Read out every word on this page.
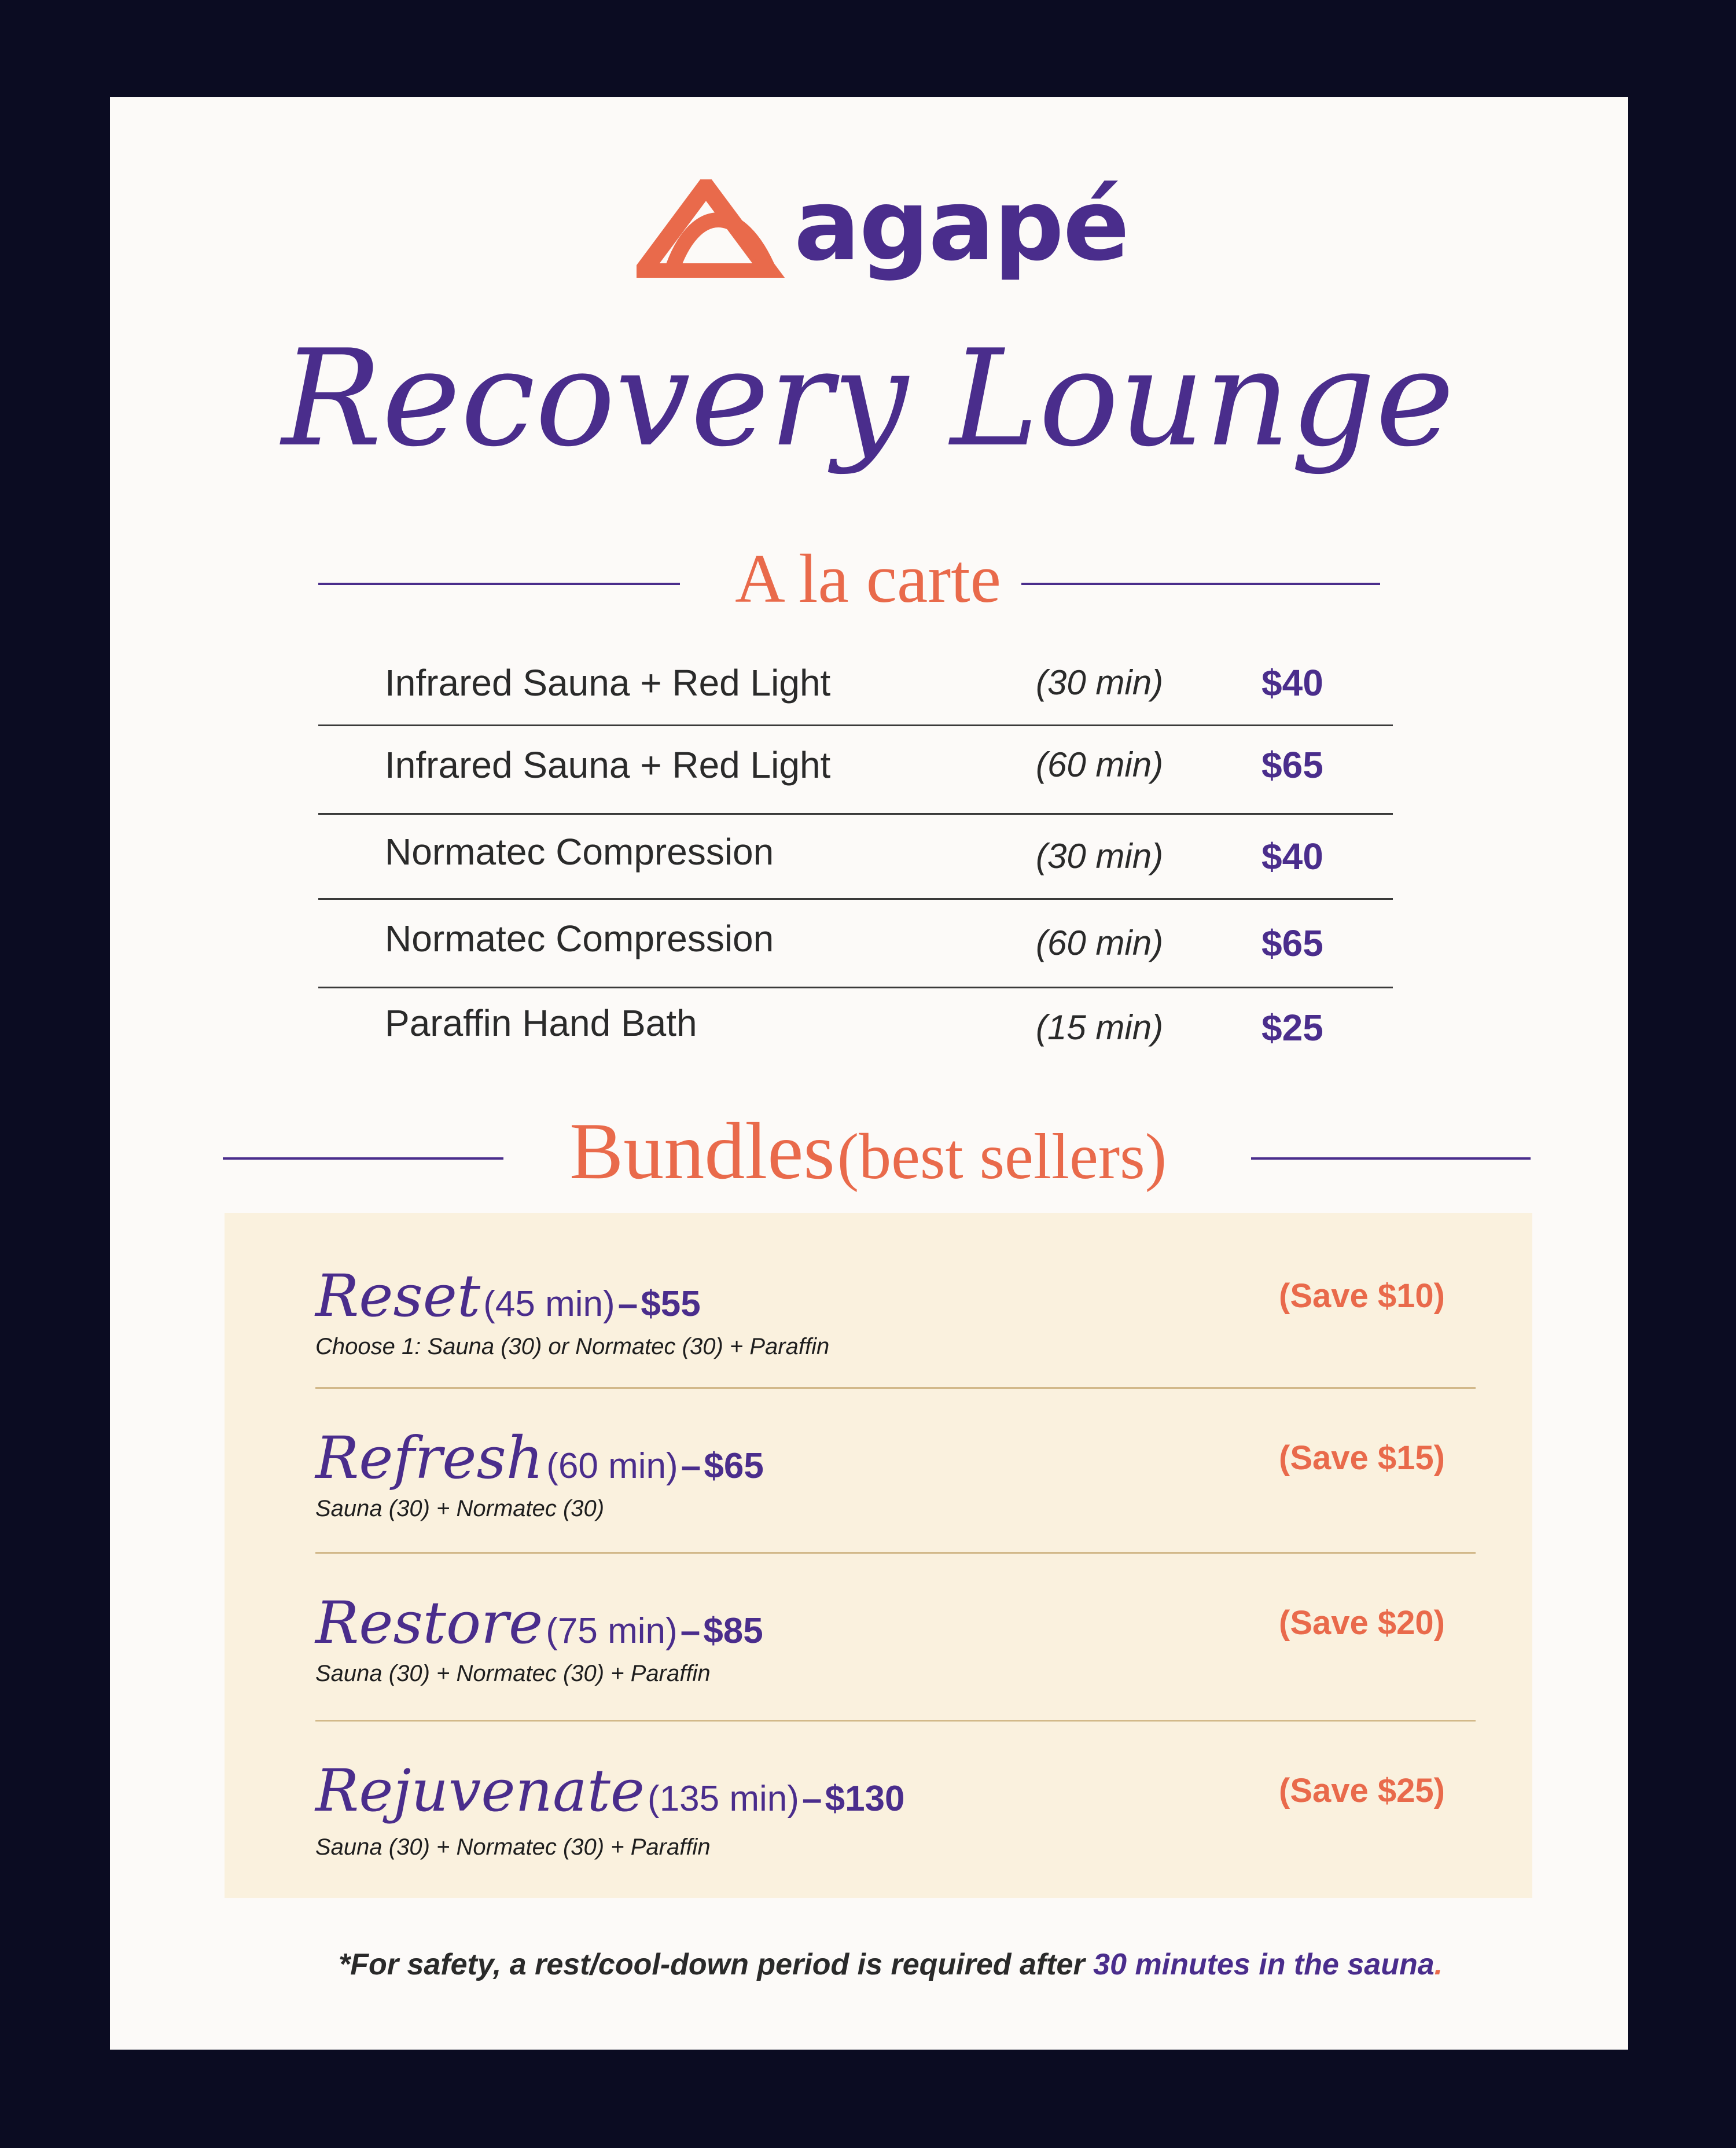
agapé
Recovery Lounge
A la carte
Infrared Sauna + Red Light	(30 min)	$40
Infrared Sauna + Red Light	(60 min)	$65
Normatec Compression	(30 min)	$40
Normatec Compression	(60 min)	$65
Paraffin Hand Bath	(15 min)	$25
Bundles (best sellers)
Reset (45 min) – $55
Choose 1: Sauna (30) or Normatec (30) + Paraffin
(Save $10)
Refresh (60 min) – $65
Sauna (30) + Normatec (30)
(Save $15)
Restore (75 min) – $85
Sauna (30) + Normatec (30) + Paraffin
(Save $20)
Rejuvenate (135 min) – $130
Sauna (30) + Normatec (30) + Paraffin
(Save $25)
*For safety, a rest/cool-down period is required after 30 minutes in the sauna.
